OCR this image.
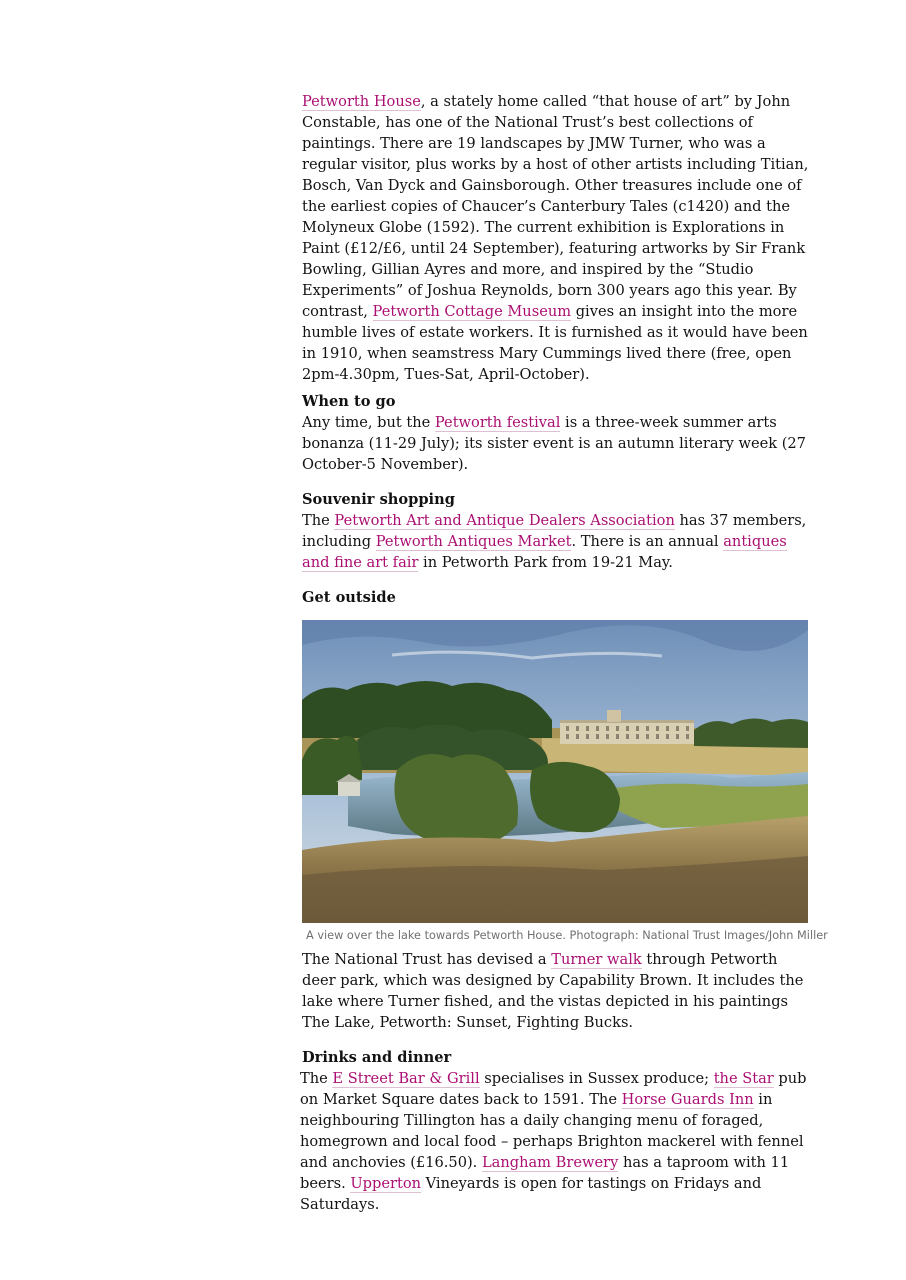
Petworth House, a stately home called “that house of art” by John Constable, has one of the National Trust’s best collections of paintings. There are 19 landscapes by JMW Turner, who was a regular visitor, plus works by a host of other artists including Titian, Bosch, Van Dyck and Gainsborough. Other treasures include one of the earliest copies of Chaucer’s Canterbury Tales (c1420) and the Molyneux Globe (1592). The current exhibition is Explorations in Paint (£12/£6, until 24 September), featuring artworks by Sir Frank Bowling, Gillian Ayres and more, and inspired by the “Studio Experiments” of Joshua Reynolds, born 300 years ago this year. By contrast, Petworth Cottage Museum gives an insight into the more humble lives of estate workers. It is furnished as it would have been in 1910, when seamstress Mary Cummings lived there (free, open 2pm-4.30pm, Tues-Sat, April-October).

When to go

Any time, but the Petworth festival is a three-week summer arts bonanza (11-29 July); its sister event is an autumn literary week (27 October-5 November).

Souvenir shopping

The Petworth Art and Antique Dealers Association has 37 members, including Petworth Antiques Market. There is an annual antiques and fine art fair in Petworth Park from 19-21 May.

Get outside
A view over the lake towards Petworth House. Photograph: National Trust Images/John Miller

The National Trust has devised a Turner walk through Petworth deer park, which was designed by Capability Brown. It includes the lake where Turner fished, and the vistas depicted in his paintings The Lake, Petworth: Sunset, Fighting Bucks.

Drinks and dinner

The E Street Bar & Grill specialises in Sussex produce; the Star pub on Market Square dates back to 1591. The Horse Guards Inn in neighbouring Tillington has a daily changing menu of foraged, homegrown and local food – perhaps Brighton mackerel with fennel and anchovies (£16.50). Langham Brewery has a taproom with 11 beers. Upperton Vineyards is open for tastings on Fridays and Saturdays.
